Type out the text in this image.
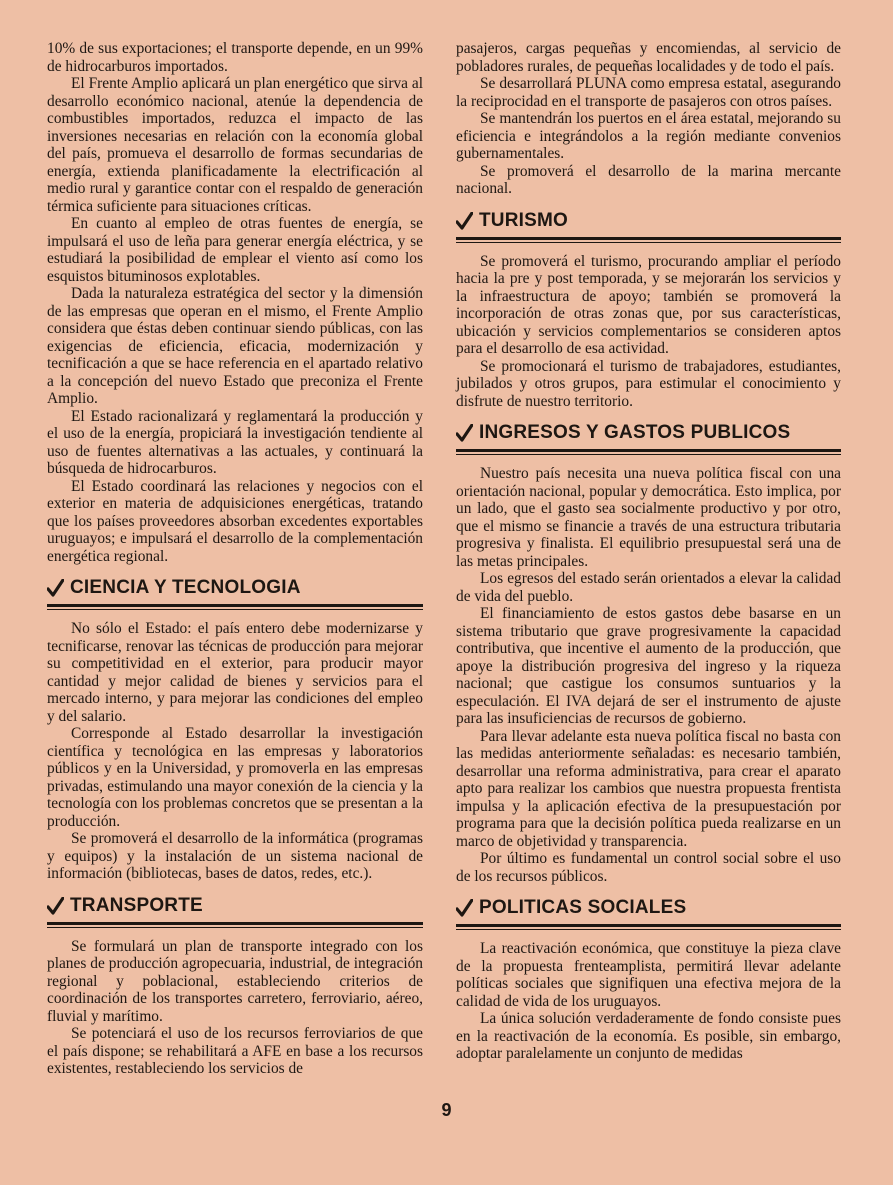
10% de sus exportaciones; el transporte depende, en un 99% de hidrocarburos importados.

El Frente Amplio aplicará un plan energético que sirva al desarrollo económico nacional, atenúe la dependencia de combustibles importados, reduzca el impacto de las inversiones necesarias en relación con la economía global del país, promueva el desarrollo de formas secundarias de energía, extienda planificadamente la electrificación al medio rural y garantice contar con el respaldo de generación térmica suficiente para situaciones críticas.

En cuanto al empleo de otras fuentes de energía, se impulsará el uso de leña para generar energía eléctrica, y se estudiará la posibilidad de emplear el viento así como los esquistos bituminosos explotables.

Dada la naturaleza estratégica del sector y la dimensión de las empresas que operan en el mismo, el Frente Amplio considera que éstas deben continuar siendo públicas, con las exigencias de eficiencia, eficacia, modernización y tecnificación a que se hace referencia en el apartado relativo a la concepción del nuevo Estado que preconiza el Frente Amplio.

El Estado racionalizará y reglamentará la producción y el uso de la energía, propiciará la investigación tendiente al uso de fuentes alternativas a las actuales, y continuará la búsqueda de hidrocarburos.

El Estado coordinará las relaciones y negocios con el exterior en materia de adquisiciones energéticas, tratando que los países proveedores absorban excedentes exportables uruguayos; e impulsará el desarrollo de la complementación energética regional.

CIENCIA Y TECNOLOGIA

No sólo el Estado: el país entero debe modernizarse y tecnificarse, renovar las técnicas de producción para mejorar su competitividad en el exterior, para producir mayor cantidad y mejor calidad de bienes y servicios para el mercado interno, y para mejorar las condiciones del empleo y del salario.

Corresponde al Estado desarrollar la investigación científica y tecnológica en las empresas y laboratorios públicos y en la Universidad, y promoverla en las empresas privadas, estimulando una mayor conexión de la ciencia y la tecnología con los problemas concretos que se presentan a la producción.

Se promoverá el desarrollo de la informática (programas y equipos) y la instalación de un sistema nacional de información (bibliotecas, bases de datos, redes, etc.).

TRANSPORTE

Se formulará un plan de transporte integrado con los planes de producción agropecuaria, industrial, de integración regional y poblacional, estableciendo criterios de coordinación de los transportes carretero, ferroviario, aéreo, fluvial y marítimo.

Se potenciará el uso de los recursos ferroviarios de que el país dispone; se rehabilitará a AFE en base a los recursos existentes, restableciendo los servicios de

pasajeros, cargas pequeñas y encomiendas, al servicio de pobladores rurales, de pequeñas localidades y de todo el país.

Se desarrollará PLUNA como empresa estatal, asegurando la reciprocidad en el transporte de pasajeros con otros países.

Se mantendrán los puertos en el área estatal, mejorando su eficiencia e integrándolos a la región mediante convenios gubernamentales.

Se promoverá el desarrollo de la marina mercante nacional.

TURISMO

Se promoverá el turismo, procurando ampliar el período hacia la pre y post temporada, y se mejorarán los servicios y la infraestructura de apoyo; también se promoverá la incorporación de otras zonas que, por sus características, ubicación y servicios complementarios se consideren aptos para el desarrollo de esa actividad.

Se promocionará el turismo de trabajadores, estudiantes, jubilados y otros grupos, para estimular el conocimiento y disfrute de nuestro territorio.

INGRESOS Y GASTOS PUBLICOS

Nuestro país necesita una nueva política fiscal con una orientación nacional, popular y democrática. Esto implica, por un lado, que el gasto sea socialmente productivo y por otro, que el mismo se financie a través de una estructura tributaria progresiva y finalista. El equilibrio presupuestal será una de las metas principales.

Los egresos del estado serán orientados a elevar la calidad de vida del pueblo.

El financiamiento de estos gastos debe basarse en un sistema tributario que grave progresivamente la capacidad contributiva, que incentive el aumento de la producción, que apoye la distribución progresiva del ingreso y la riqueza nacional; que castigue los consumos suntuarios y la especulación. El IVA dejará de ser el instrumento de ajuste para las insuficiencias de recursos de gobierno.

Para llevar adelante esta nueva política fiscal no basta con las medidas anteriormente señaladas: es necesario también, desarrollar una reforma administrativa, para crear el aparato apto para realizar los cambios que nuestra propuesta frentista impulsa y la aplicación efectiva de la presupuestación por programa para que la decisión política pueda realizarse en un marco de objetividad y transparencia.

Por último es fundamental un control social sobre el uso de los recursos públicos.

POLITICAS SOCIALES

La reactivación económica, que constituye la pieza clave de la propuesta frenteamplista, permitirá llevar adelante políticas sociales que signifiquen una efectiva mejora de la calidad de vida de los uruguayos.

La única solución verdaderamente de fondo consiste pues en la reactivación de la economía. Es posible, sin embargo, adoptar paralelamente un conjunto de medidas

9
